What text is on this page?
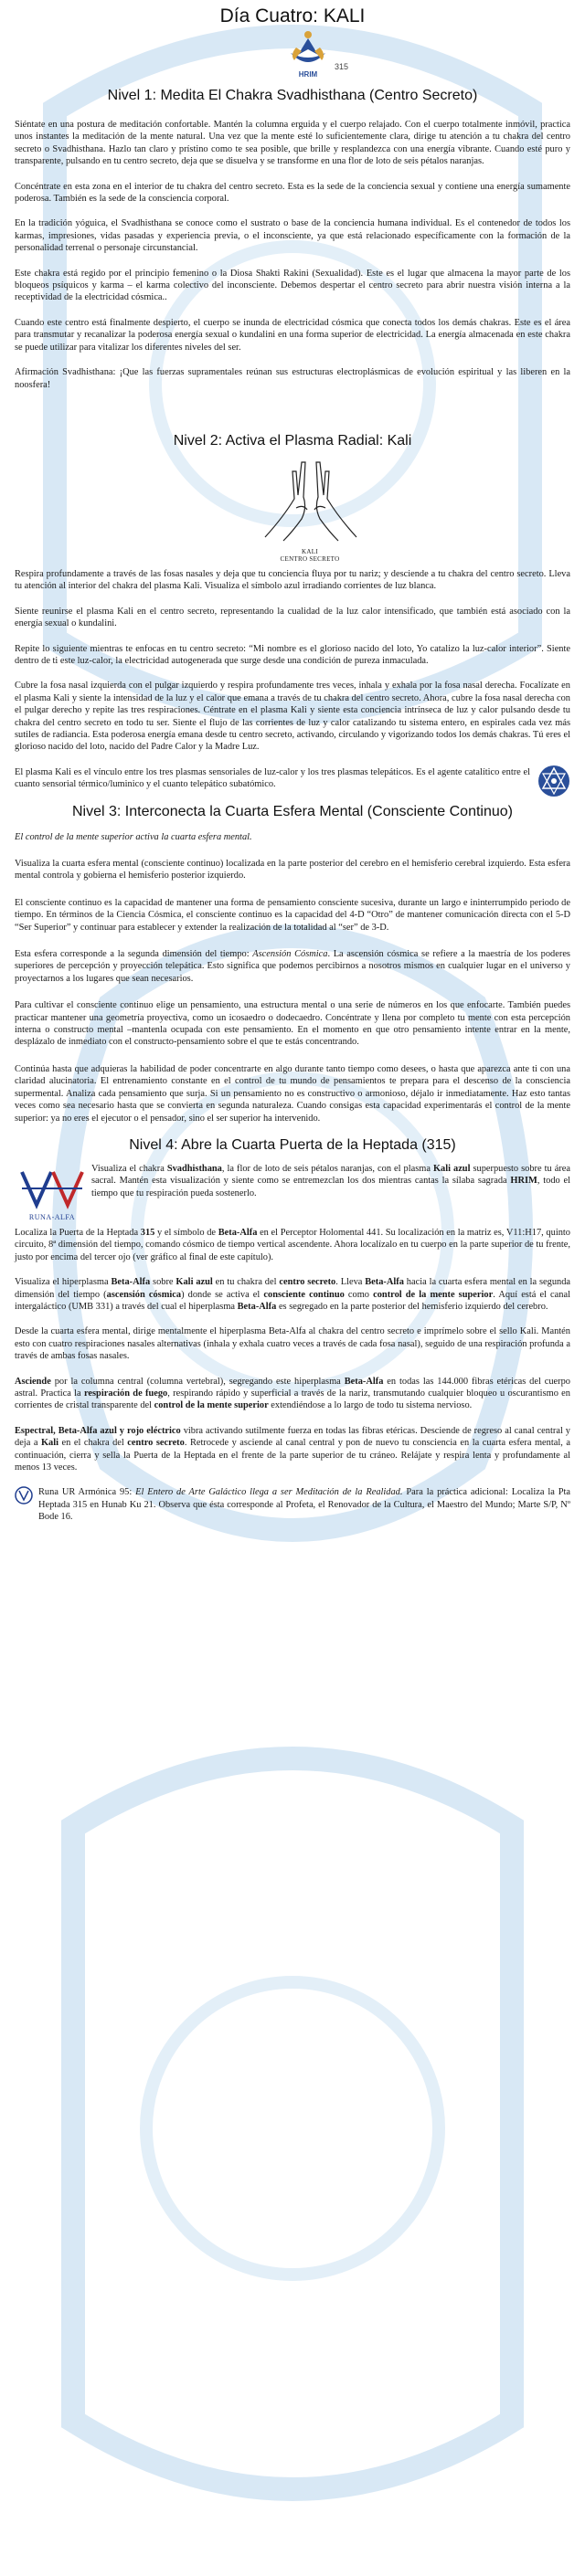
Día Cuatro: KALI
HRIM
315
Nivel 1: Medita El Chakra Svadhisthana (Centro Secreto)

Siéntate en una postura de meditación confortable. Mantén la columna erguida y el cuerpo relajado. Con el cuerpo totalmente inmóvil, practica unos instantes la meditación de la mente natural. Una vez que la mente esté lo suficientemente clara, dirige tu atención a tu chakra del centro secreto o Svadhisthana. Hazlo tan claro y prístino como te sea posible, que brille y resplandezca con una energía vibrante. Cuando esté puro y transparente, pulsando en tu centro secreto, deja que se disuelva y se transforme en una flor de loto de seis pétalos naranjas.

Concéntrate en esta zona en el interior de tu chakra del centro secreto. Esta es la sede de la conciencia sexual y contiene una energía sumamente poderosa. También es la sede de la consciencia corporal.

En la tradición yóguica, el Svadhisthana se conoce como el sustrato o base de la conciencia humana individual. Es el contenedor de todos los karmas, impresiones, vidas pasadas y experiencia previa, o el inconsciente, ya que está relacionado específicamente con la formación de la personalidad terrenal o personaje circunstancial.

Este chakra está regido por el principio femenino o la Diosa Shakti Rakini (Sexualidad). Este es el lugar que almacena la mayor parte de los bloqueos psíquicos y karma – el karma colectivo del inconsciente. Debemos despertar el centro secreto para abrir nuestra visión interna a la receptividad de la electricidad cósmica..

Cuando este centro está finalmente despierto, el cuerpo se inunda de electricidad cósmica que conecta todos los demás chakras. Este es el área para transmutar y recanalizar la poderosa energía sexual o kundalini en una forma superior de electricidad. La energía almacenada en este chakra se puede utilizar para vitalizar los diferentes niveles del ser.

Afirmación Svadhisthana: ¡Que las fuerzas supramentales reúnan sus estructuras electroplásmicas de evolución espiritual y las liberen en la noosfera!

Nivel 2: Activa el Plasma Radial: Kali
KALI
CENTRO SECRETO

Respira profundamente a través de las fosas nasales y deja que tu conciencia fluya por tu nariz; y desciende a tu chakra del centro secreto. Lleva tu atención al interior del chakra del plasma Kali. Visualiza el símbolo azul irradiando corrientes de luz blanca.

Siente reunirse el plasma Kali en el centro secreto, representando la cualidad de la luz calor intensificado, que también está asociado con la energía sexual o kundalini.

Repite lo siguiente mientras te enfocas en tu centro secreto: “Mi nombre es el glorioso nacido del loto, Yo catalizo la luz-calor interior”. Siente dentro de ti este luz-calor, la electricidad autogenerada que surge desde una condición de pureza inmaculada.

Cubre la fosa nasal izquierda con el pulgar izquierdo y respira profundamente tres veces, inhala y exhala por la fosa nasal derecha. Focalízate en el plasma Kali y siente la intensidad de la luz y el calor que emana a través de tu chakra del centro secreto. Ahora, cubre la fosa nasal derecha con el pulgar derecho y repite las tres respiraciones. Céntrate en el plasma Kali y siente esta conciencia intrínseca de luz y calor pulsando desde tu chakra del centro secreto en todo tu ser. Siente el flujo de las corrientes de luz y calor catalizando tu sistema entero, en espirales cada vez más sutiles de radiancia. Esta poderosa energía emana desde tu centro secreto, activando, circulando y vigorizando todos los demás chakras. Tú eres el glorioso nacido del loto, nacido del Padre Calor y la Madre Luz.

El plasma Kali es el vínculo entre los tres plasmas sensoriales de luz-calor y los tres plasmas telepáticos. Es el agente catalítico entre el cuanto sensorial térmico/luminico y el cuanto telepático subatómico.

Nivel 3: Interconecta la Cuarta Esfera Mental (Consciente Continuo)

El control de la mente superior activa la cuarta esfera mental.

Visualiza la cuarta esfera mental (consciente continuo) localizada en la parte posterior del cerebro en el hemisferio cerebral izquierdo. Esta esfera mental controla y gobierna el hemisferio posterior izquierdo.

El consciente continuo es la capacidad de mantener una forma de pensamiento consciente sucesiva, durante un largo e ininterrumpido periodo de tiempo. En términos de la Ciencia Cósmica, el consciente continuo es la capacidad del 4-D “Otro” de mantener comunicación directa con el 5-D “Ser Superior” y continuar para establecer y extender la realización de la totalidad al “ser” de 3-D.

Esta esfera corresponde a la segunda dimensión del tiempo: Ascensión Cósmica. La ascensión cósmica se refiere a la maestría de los poderes superiores de percepción y proyección telepática. Esto significa que podemos percibirnos a nosotros mismos en cualquier lugar en el universo y proyectarnos a los lugares que sean necesarios.

Para cultivar el consciente continuo elige un pensamiento, una estructura mental o una serie de números en los que enfocarte. También puedes practicar mantener una geometría proyectiva, como un icosaedro o dodecaedro. Concéntrate y llena por completo tu mente con esta percepción interna o constructo mental –mantenla ocupada con este pensamiento. En el momento en que otro pensamiento intente entrar en la mente, desplázalo de inmediato con el constructo-pensamiento sobre el que te estás concentrando.

Continúa hasta que adquieras la habilidad de poder concentrarte en algo durante tanto tiempo como desees, o hasta que aparezca ante ti con una claridad alucinatoria. El entrenamiento constante en el control de tu mundo de pensamientos te prepara para el descenso de la consciencia supermental. Analiza cada pensamiento que surja. Si un pensamiento no es constructivo o armonioso, déjalo ir inmediatamente. Haz esto tantas veces como sea necesario hasta que se convierta en segunda naturaleza. Cuando consigas esta capacidad experimentarás el control de la mente superior: ya no eres el ejecutor o el pensador, sino el ser superior ha intervenido.

Nivel 4: Abre la Cuarta Puerta de la Heptada (315)
RUNA-ALFA

Visualiza el chakra Svadhisthana, la flor de loto de seis pétalos naranjas, con el plasma Kali azul superpuesto sobre tu área sacral. Mantén esta visualización y siente como se entremezclan los dos mientras cantas la sílaba sagrada HRIM, todo el tiempo que tu respiración pueda sostenerlo.

Localiza la Puerta de la Heptada 315 y el símbolo de Beta-Alfa en el Perceptor Holomental 441. Su localización en la matriz es, V11:H17, quinto circuito, 8ª dimensión del tiempo, comando cósmico de tiempo vertical ascendente. Ahora localízalo en tu cuerpo en la parte superior de tu frente, justo por encima del tercer ojo (ver gráfico al final de este capítulo).

Visualiza el hiperplasma Beta-Alfa sobre Kali azul en tu chakra del centro secreto. Lleva Beta-Alfa hacia la cuarta esfera mental en la segunda dimensión del tiempo (ascensión cósmica) donde se activa el consciente continuo como control de la mente superior. Aquí está el canal intergaláctico (UMB 331) a través del cual el hiperplasma Beta-Alfa es segregado en la parte posterior del hemisferio izquierdo del cerebro.

Desde la cuarta esfera mental, dirige mentalmente el hiperplasma Beta-Alfa al chakra del centro secreto e imprímelo sobre el sello Kali. Mantén esto con cuatro respiraciones nasales alternativas (inhala y exhala cuatro veces a través de cada fosa nasal), seguido de una respiración profunda a través de ambas fosas nasales.

Asciende por la columna central (columna vertebral), segregando este hiperplasma Beta-Alfa en todas las 144.000 fibras etéricas del cuerpo astral. Practica la respiración de fuego, respirando rápido y superficial a través de la nariz, transmutando cualquier bloqueo u oscurantismo en corrientes de cristal transparente del control de la mente superior extendiéndose a lo largo de todo tu sistema nervioso.

Espectral, Beta-Alfa azul y rojo eléctrico vibra activando sutilmente fuerza en todas las fibras etéricas. Desciende de regreso al canal central y deja a Kali en el chakra del centro secreto. Retrocede y asciende al canal central y pon de nuevo tu consciencia en la cuarta esfera mental, a continuación, cierra y sella la Puerta de la Heptada en el frente de la parte superior de tu cráneo. Relájate y respira lenta y profundamente al menos 13 veces.

Runa UR Armónica 95: El Entero de Arte Galáctico llega a ser Meditación de la Realidad. Para la práctica adicional: Localiza la Pta Heptada 315 en Hunab Ku 21. Observa que ésta corresponde al Profeta, el Renovador de la Cultura, el Maestro del Mundo; Marte S/P, Nº Bode 16.
